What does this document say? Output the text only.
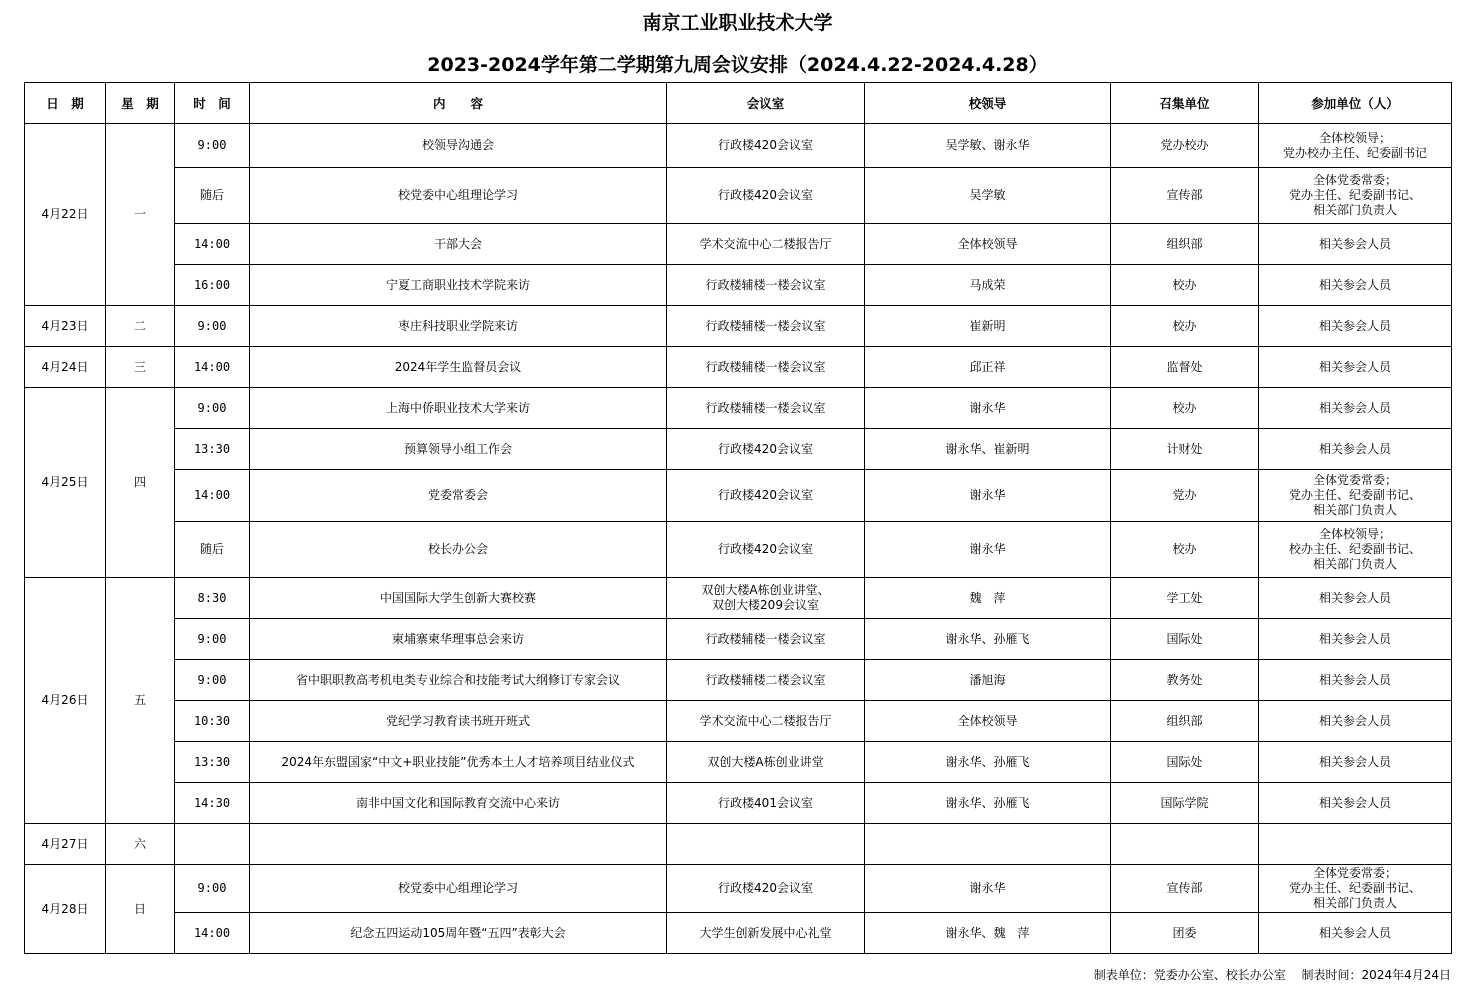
南京工业职业技术大学
2023-2024学年第二学期第九周会议安排（2024.4.22-2024.4.28）
日　期	星　期	时　间	内　　容	会议室	校领导	召集单位	参加单位（人）
4月22日	一	9:00	校领导沟通会	行政楼420会议室	吴学敏、谢永华	党办校办	全体校领导；
党办校办主任、纪委副书记

		随后	校党委中心组理论学习	行政楼420会议室	吴学敏	宣传部	全体党委常委；
党办主任、纪委副书记、
相关部门负责人

		14:00	干部大会	学术交流中心二楼报告厅	全体校领导	组织部	相关参会人员

		16:00	宁夏工商职业技术学院来访	行政楼辅楼一楼会议室	马成荣	校办	相关参会人员

4月23日	二	9:00	枣庄科技职业学院来访	行政楼辅楼一楼会议室	崔新明	校办	相关参会人员

4月24日	三	14:00	2024年学生监督员会议	行政楼辅楼一楼会议室	邱正祥	监督处	相关参会人员

4月25日	四	9:00	上海中侨职业技术大学来访	行政楼辅楼一楼会议室	谢永华	校办	相关参会人员

		13:30	预算领导小组工作会	行政楼420会议室	谢永华、崔新明	计财处	相关参会人员

		14:00	党委常委会	行政楼420会议室	谢永华	党办	全体党委常委；
党办主任、纪委副书记、
相关部门负责人

		随后	校长办公会	行政楼420会议室	谢永华	校办	全体校领导；
校办主任、纪委副书记、
相关部门负责人

4月26日	五	8:30	中国国际大学生创新大赛校赛	双创大楼A栋创业讲堂、
双创大楼209会议室	魏　萍	学工处	相关参会人员

		9:00	柬埔寨柬华理事总会来访	行政楼辅楼一楼会议室	谢永华、孙雁飞	国际处	相关参会人员

		9:00	省中职职教高考机电类专业综合和技能考试大纲修订专家会议	行政楼辅楼二楼会议室	潘旭海	教务处	相关参会人员

		10:30	党纪学习教育读书班开班式	学术交流中心二楼报告厅	全体校领导	组织部	相关参会人员

		13:30	2024年东盟国家“中文+职业技能”优秀本土人才培养项目结业仪式	双创大楼A栋创业讲堂	谢永华、孙雁飞	国际处	相关参会人员

		14:30	南非中国文化和国际教育交流中心来访	行政楼401会议室	谢永华、孙雁飞	国际学院	相关参会人员

4月27日	六						

4月28日	日	9:00	校党委中心组理论学习	行政楼420会议室	谢永华	宣传部	全体党委常委；
党办主任、纪委副书记、
相关部门负责人

		14:00	纪念五四运动105周年暨“五四”表彰大会	大学生创新发展中心礼堂	谢永华、魏　萍	团委	相关参会人员
制表单位：党委办公室、校长办公室　 制表时间：2024年4月24日
